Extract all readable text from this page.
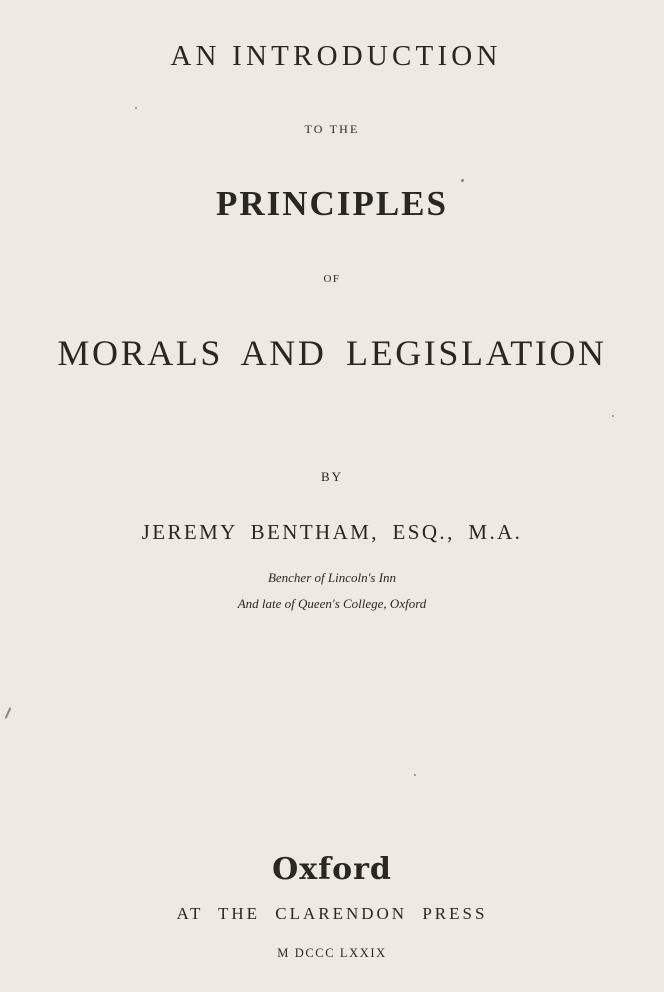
AN INTRODUCTION
TO THE
PRINCIPLES
OF
MORALS AND LEGISLATION
BY
JEREMY BENTHAM, ESQ., M.A.
Bencher of Lincoln's Inn
And late of Queen's College, Oxford
Oxford
AT THE CLARENDON PRESS
M DCCC LXXIX
